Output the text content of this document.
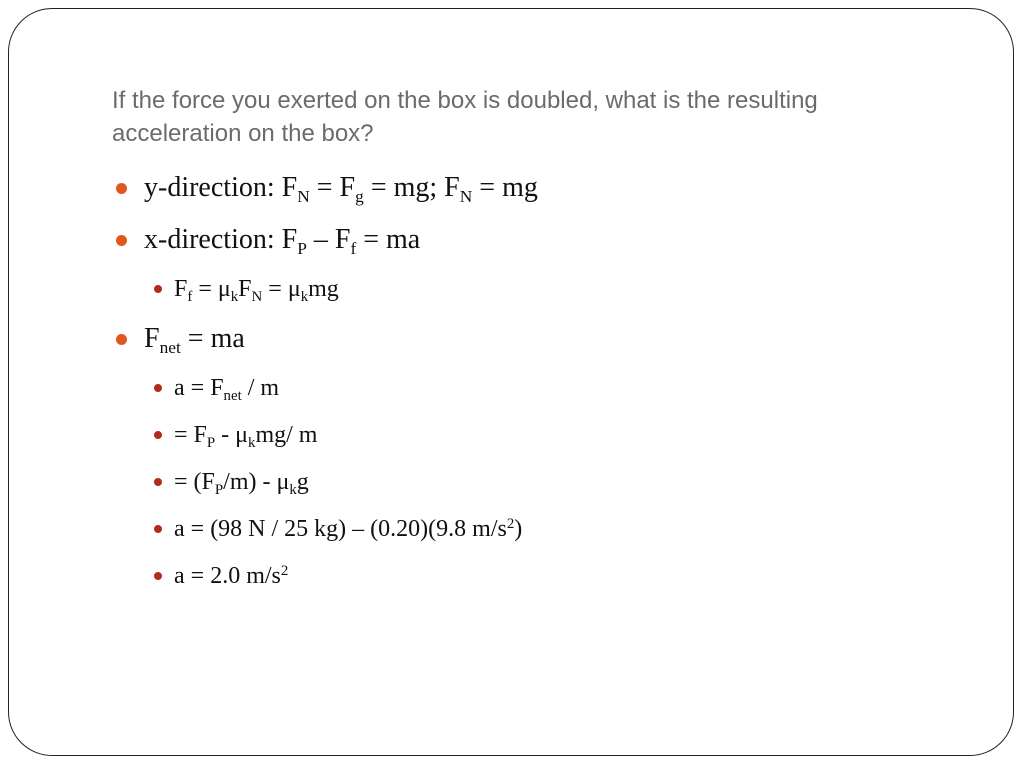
If the force you exerted on the box is doubled, what is the resulting acceleration on the box?
y-direction: $F_N = F_g$ = mg; $F_N$ = mg
x-direction: $F_P - F_f$ = ma
$F_f = \mu_kF_N = \mu_kmg$
$F_{net}$ = ma
$a = F_{net} / m$
= $F_P - \mu_kmg/$ m
= $(F_P/m) - \mu_kg$
a = (98 N / 25 kg) – (0.20)(9.8 $m/s^2$)
a = 2.0 $m/s^2$
